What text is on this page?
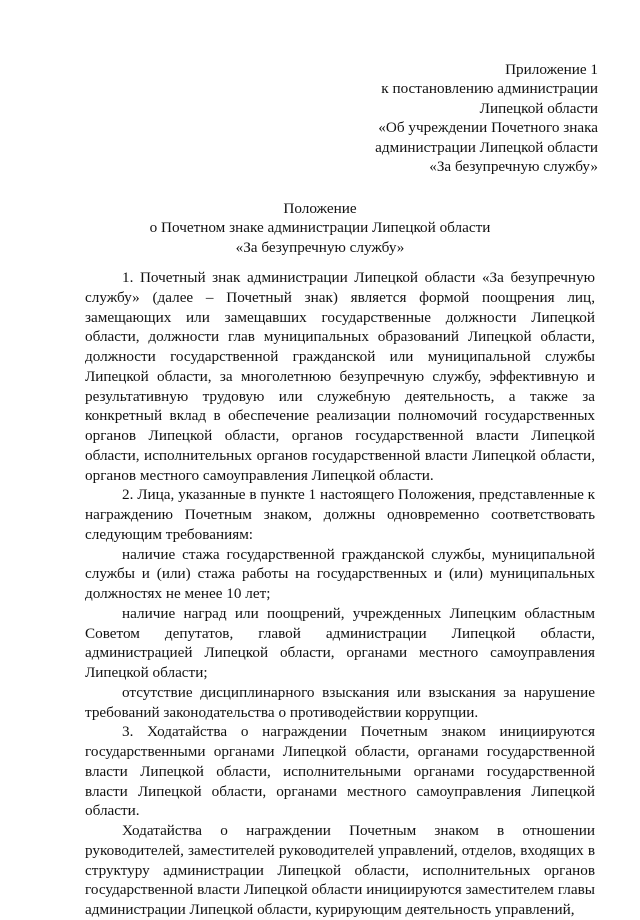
Приложение 1
к постановлению администрации
Липецкой области
«Об учреждении Почетного знака
администрации Липецкой области
«За безупречную службу»
Положение
о Почетном знаке администрации Липецкой области
«За безупречную службу»

1. Почетный знак администрации Липецкой области «За безупречную службу» (далее – Почетный знак) является формой поощрения лиц, замещающих или замещавших государственные должности Липецкой области, должности глав муниципальных образований Липецкой области, должности государственной гражданской или муниципальной службы Липецкой области, за многолетнюю безупречную службу, эффективную и результативную трудовую или служебную деятельность, а также за конкретный вклад в обеспечение реализации полномочий государственных органов Липецкой области, органов государственной власти Липецкой области, исполнительных органов государственной власти Липецкой области, органов местного самоуправления Липецкой области.

2. Лица, указанные в пункте 1 настоящего Положения, представленные к награждению Почетным знаком, должны одновременно соответствовать следующим требованиям:

наличие стажа государственной гражданской службы, муниципальной службы и (или) стажа работы на государственных и (или) муниципальных должностях не менее 10 лет;

наличие наград или поощрений, учрежденных Липецким областным Советом депутатов, главой администрации Липецкой области, администрацией Липецкой области, органами местного самоуправления Липецкой области;

отсутствие дисциплинарного взыскания или взыскания за нарушение требований законодательства о противодействии коррупции.

3. Ходатайства о награждении Почетным знаком инициируются государственными органами Липецкой области, органами государственной власти Липецкой области, исполнительными органами государственной власти Липецкой области, органами местного самоуправления Липецкой области.

Ходатайства о награждении Почетным знаком в отношении руководителей, заместителей руководителей управлений, отделов, входящих в структуру администрации Липецкой области, исполнительных органов государственной власти Липецкой области инициируются заместителем главы администрации Липецкой области, курирующим деятельность управлений,
